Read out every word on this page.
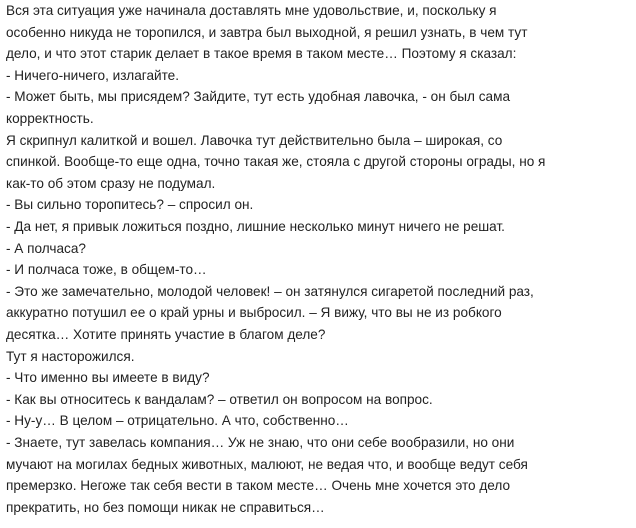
Вся эта ситуация уже начинала доставлять мне удовольствие, и, поскольку я
особенно никуда не торопился, и завтра был выходной, я решил узнать, в чем тут
дело, и что этот старик делает в такое время в таком месте… Поэтому я сказал:
- Ничего-ничего, излагайте.
- Может быть, мы присядем? Зайдите, тут есть удобная лавочка, - он был сама
корректность.
Я скрипнул калиткой и вошел. Лавочка тут действительно была – широкая, со
спинкой. Вообще-то еще одна, точно такая же, стояла с другой стороны ограды, но я
как-то об этом сразу не подумал.
- Вы сильно торопитесь? – спросил он.
- Да нет, я привык ложиться поздно, лишние несколько минут ничего не решат.
- А полчаса?
- И полчаса тоже, в общем-то…
- Это же замечательно, молодой человек! – он затянулся сигаретой последний раз,
аккуратно потушил ее о край урны и выбросил. – Я вижу, что вы не из робкого
десятка… Хотите принять участие в благом деле?
Тут я насторожился.
- Что именно вы имеете в виду?
- Как вы относитесь к вандалам? – ответил он вопросом на вопрос.
- Ну-у… В целом – отрицательно. А что, собственно…
- Знаете, тут завелась компания… Уж не знаю, что они себе вообразили, но они
мучают на могилах бедных животных, малюют, не ведая что, и вообще ведут себя
премерзко. Негоже так себя вести в таком месте… Очень мне хочется это дело
прекратить, но без помощи никак не справиться…
